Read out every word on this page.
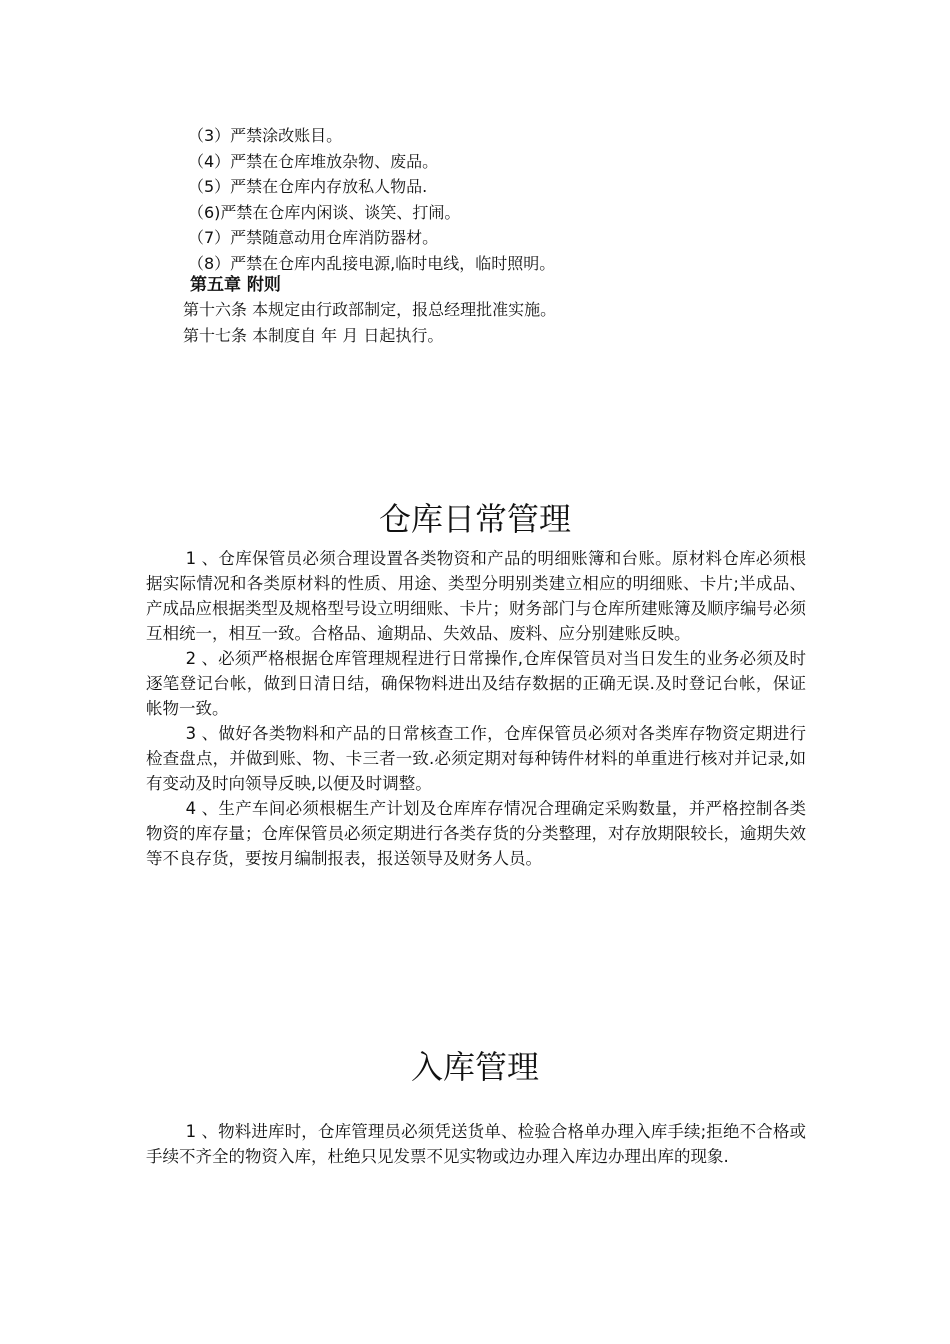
（3）严禁涂改账目。
（4）严禁在仓库堆放杂物、废品。
（5）严禁在仓库内存放私人物品.
（6)严禁在仓库内闲谈、谈笑、打闹。
（7）严禁随意动用仓库消防器材。
（8）严禁在仓库内乱接电源,临时电线，临时照明。
第五章 附则
第十六条 本规定由行政部制定，报总经理批准实施。
第十七条 本制度自 年 月 日起执行。
仓库日常管理

1 、仓库保管员必须合理设置各类物资和产品的明细账簿和台账。原材料仓库必须根据实际情况和各类原材料的性质、用途、类型分明别类建立相应的明细账、卡片;半成品、产成品应根据类型及规格型号设立明细账、卡片；财务部门与仓库所建账簿及顺序编号必须互相统一，相互一致。合格品、逾期品、失效品、废料、应分别建账反映。

2 、必须严格根据仓库管理规程进行日常操作,仓库保管员对当日发生的业务必须及时逐笔登记台帐，做到日清日结，确保物料进出及结存数据的正确无误.及时登记台帐，保证帐物一致。

3 、做好各类物料和产品的日常核查工作，仓库保管员必须对各类库存物资定期进行检查盘点，并做到账、物、卡三者一致.必须定期对每种铸件材料的单重进行核对并记录,如有变动及时向领导反映,以便及时调整。

4 、生产车间必须根椐生产计划及仓库库存情况合理确定采购数量，并严格控制各类物资的库存量；仓库保管员必须定期进行各类存货的分类整理，对存放期限较长，逾期失效等不良存货，要按月编制报表，报送领导及财务人员。

入库管理

1 、物料进库时，仓库管理员必须凭送货单、检验合格单办理入库手续;拒绝不合格或手续不齐全的物资入库，杜绝只见发票不见实物或边办理入库边办理出库的现象.
